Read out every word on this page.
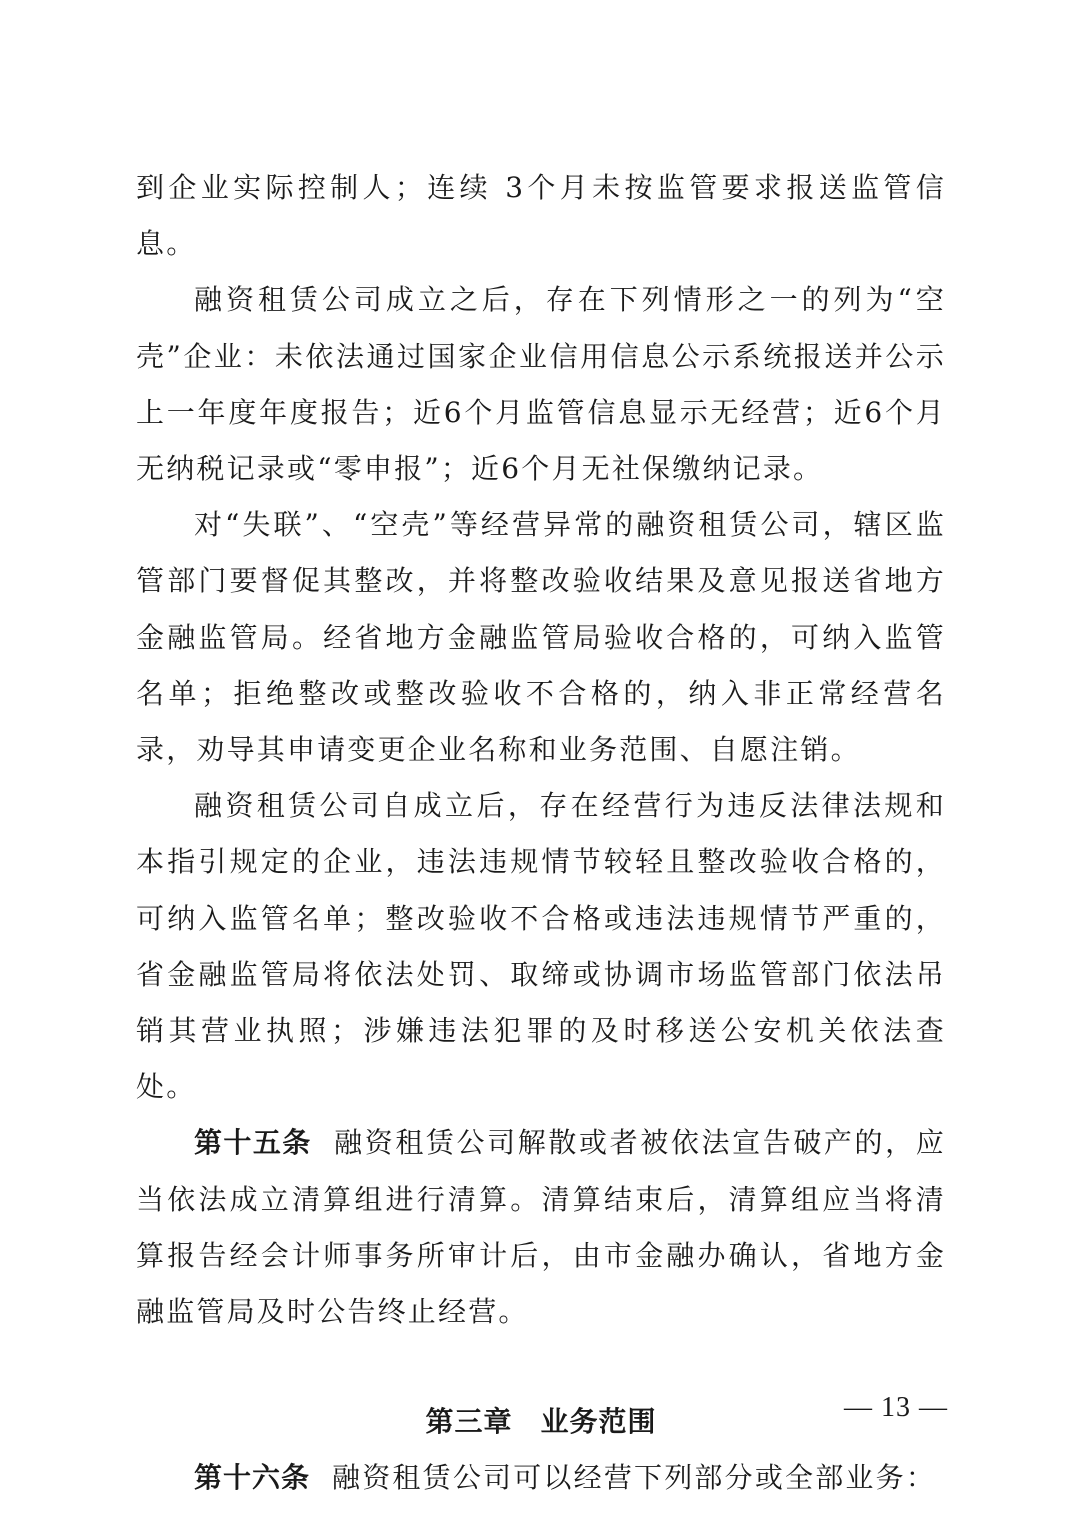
到企业实际控制人；连续 3个月未按监管要求报送监管信息。

融资租赁公司成立之后，存在下列情形之一的列为“空壳”企业：未依法通过国家企业信用信息公示系统报送并公示上一年度年度报告；近6个月监管信息显示无经营；近6个月无纳税记录或“零申报”；近6个月无社保缴纳记录。

对“失联”、“空壳”等经营异常的融资租赁公司，辖区监管部门要督促其整改，并将整改验收结果及意见报送省地方金融监管局。经省地方金融监管局验收合格的，可纳入监管名单；拒绝整改或整改验收不合格的，纳入非正常经营名录，劝导其申请变更企业名称和业务范围、自愿注销。

融资租赁公司自成立后，存在经营行为违反法律法规和本指引规定的企业，违法违规情节较轻且整改验收合格的，可纳入监管名单；整改验收不合格或违法违规情节严重的，省金融监管局将依法处罚、取缔或协调市场监管部门依法吊销其营业执照；涉嫌违法犯罪的及时移送公安机关依法查处。

第十五条 融资租赁公司解散或者被依法宣告破产的，应当依法成立清算组进行清算。清算结束后，清算组应当将清算报告经会计师事务所审计后，由市金融办确认，省地方金融监管局及时公告终止经营。

第三章 业务范围

第十六条 融资租赁公司可以经营下列部分或全部业务：

— 13 —
